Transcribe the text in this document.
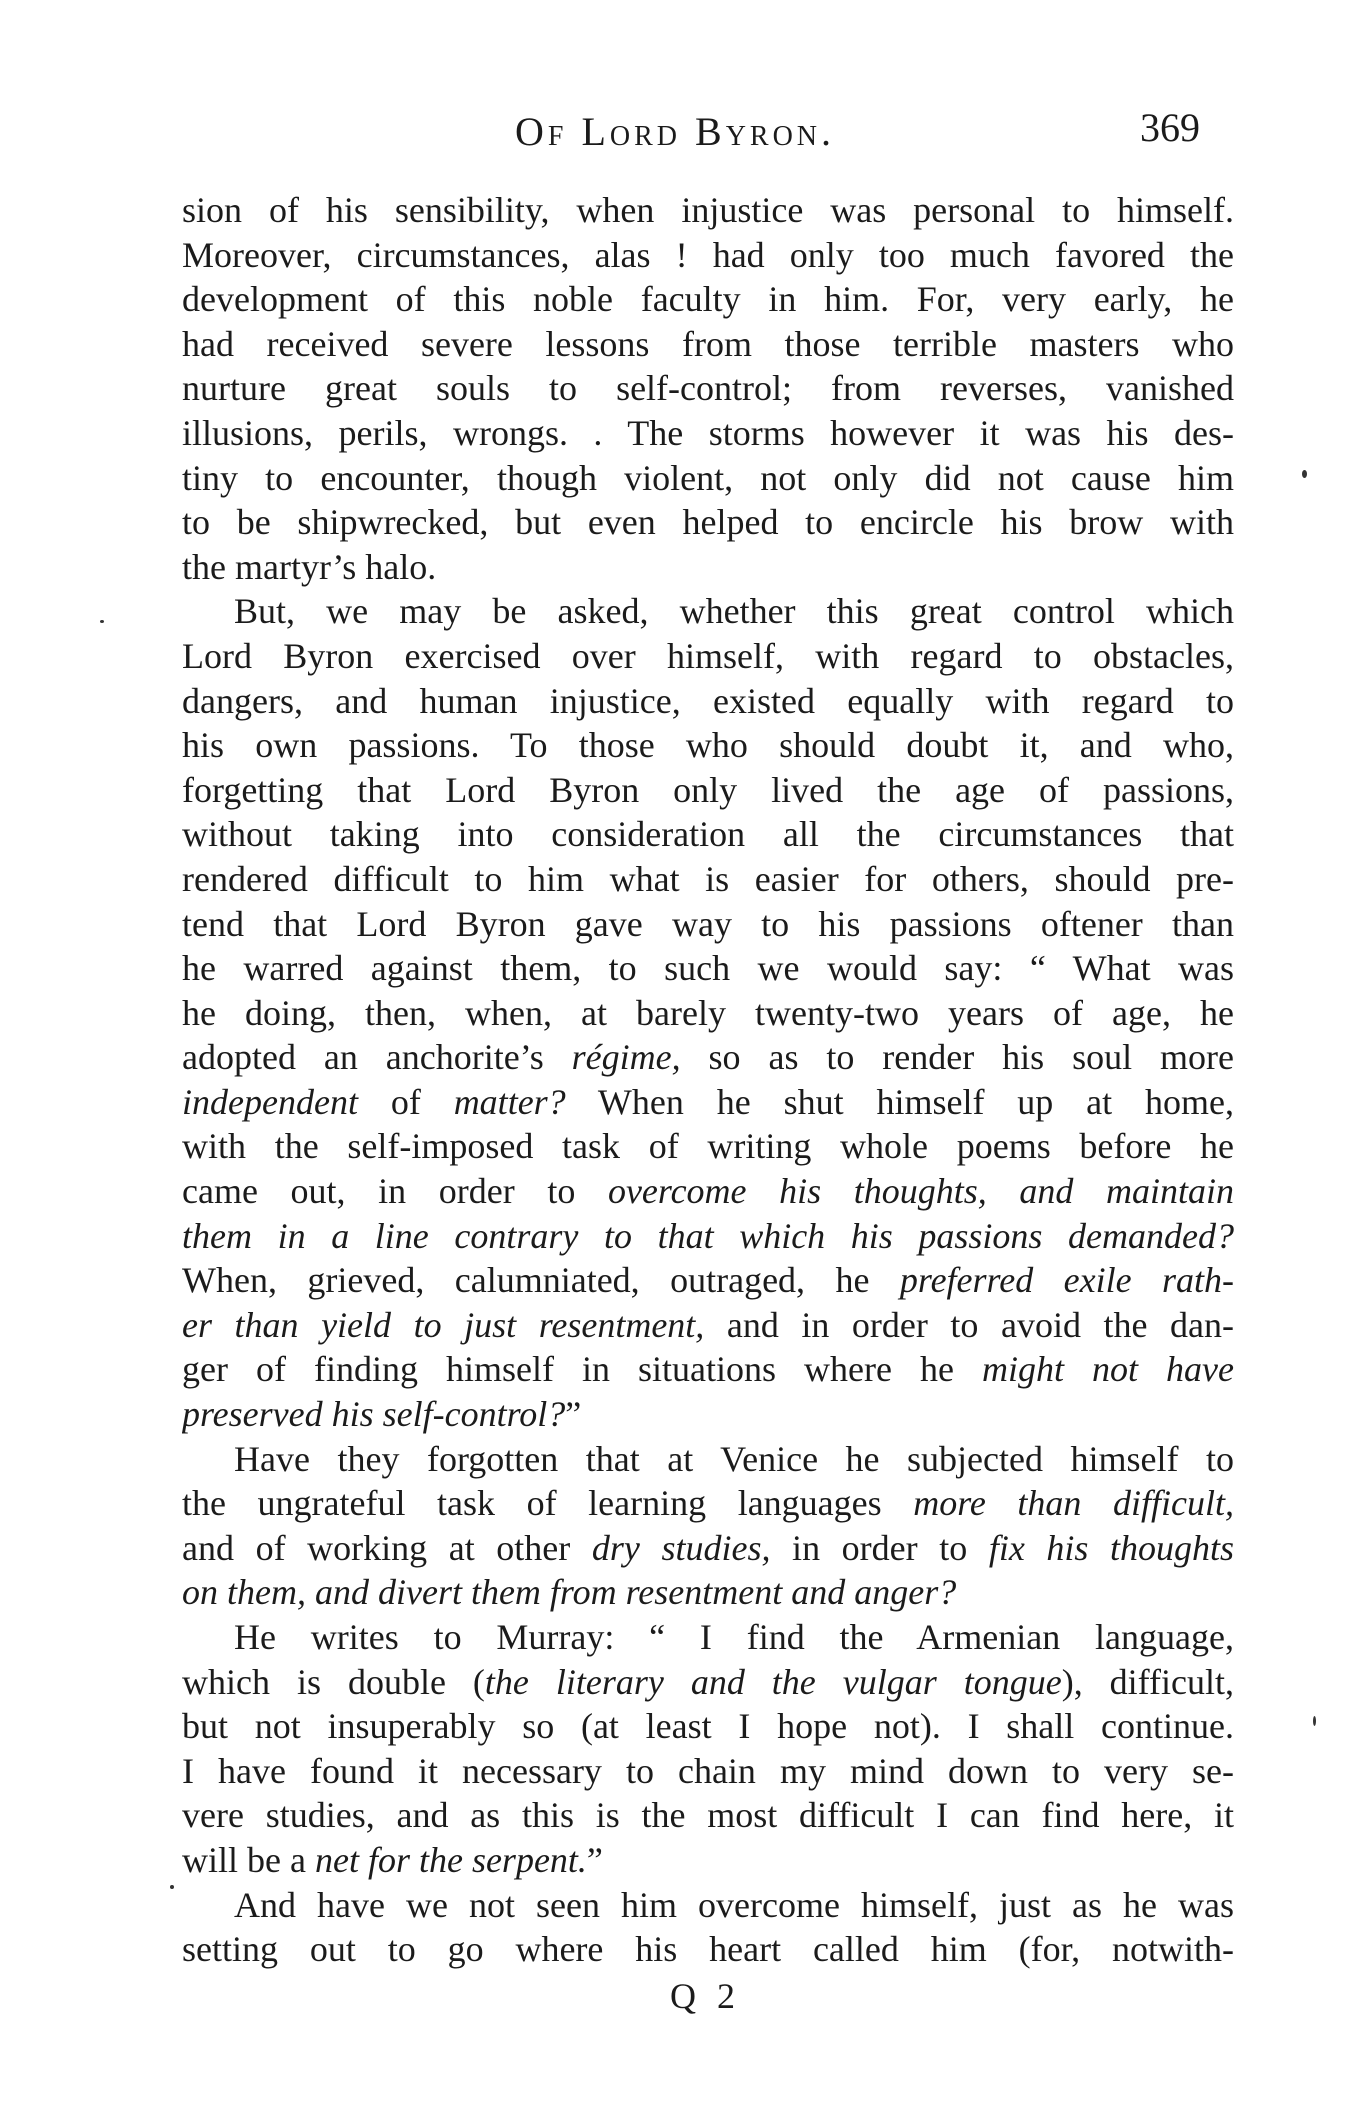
Of Lord Byron.	369
sion of his sensibility, when injustice was personal to himself.
Moreover, circumstances, alas ! had only too much favored the
development of this noble faculty in him. For, very early, he
had received severe lessons from those terrible masters who
nurture great souls to self-control; from reverses, vanished
illusions, perils, wrongs. . The storms however it was his des-
tiny to encounter, though violent, not only did not cause him
to be shipwrecked, but even helped to encircle his brow with
the martyr’s halo.
But, we may be asked, whether this great control which
Lord Byron exercised over himself, with regard to obstacles,
dangers, and human injustice, existed equally with regard to
his own passions. To those who should doubt it, and who,
forgetting that Lord Byron only lived the age of passions,
without taking into consideration all the circumstances that
rendered difficult to him what is easier for others, should pre-
tend that Lord Byron gave way to his passions oftener than
he warred against them, to such we would say: “ What was
he doing, then, when, at barely twenty-two years of age, he
adopted an anchorite’s régime, so as to render his soul more
independent of matter? When he shut himself up at home,
with the self-imposed task of writing whole poems before he
came out, in order to overcome his thoughts, and maintain
them in a line contrary to that which his passions demanded?
When, grieved, calumniated, outraged, he preferred exile rath-
er than yield to just resentment, and in order to avoid the dan-
ger of finding himself in situations where he might not have
preserved his self-control?”
Have they forgotten that at Venice he subjected himself to
the ungrateful task of learning languages more than difficult,
and of working at other dry studies, in order to fix his thoughts
on them, and divert them from resentment and anger?
He writes to Murray: “ I find the Armenian language,
which is double (the literary and the vulgar tongue), difficult,
but not insuperably so (at least I hope not). I shall continue.
I have found it necessary to chain my mind down to very se-
vere studies, and as this is the most difficult I can find here, it
will be a net for the serpent.”
And have we not seen him overcome himself, just as he was
setting out to go where his heart called him (for, notwith-
Q 2
